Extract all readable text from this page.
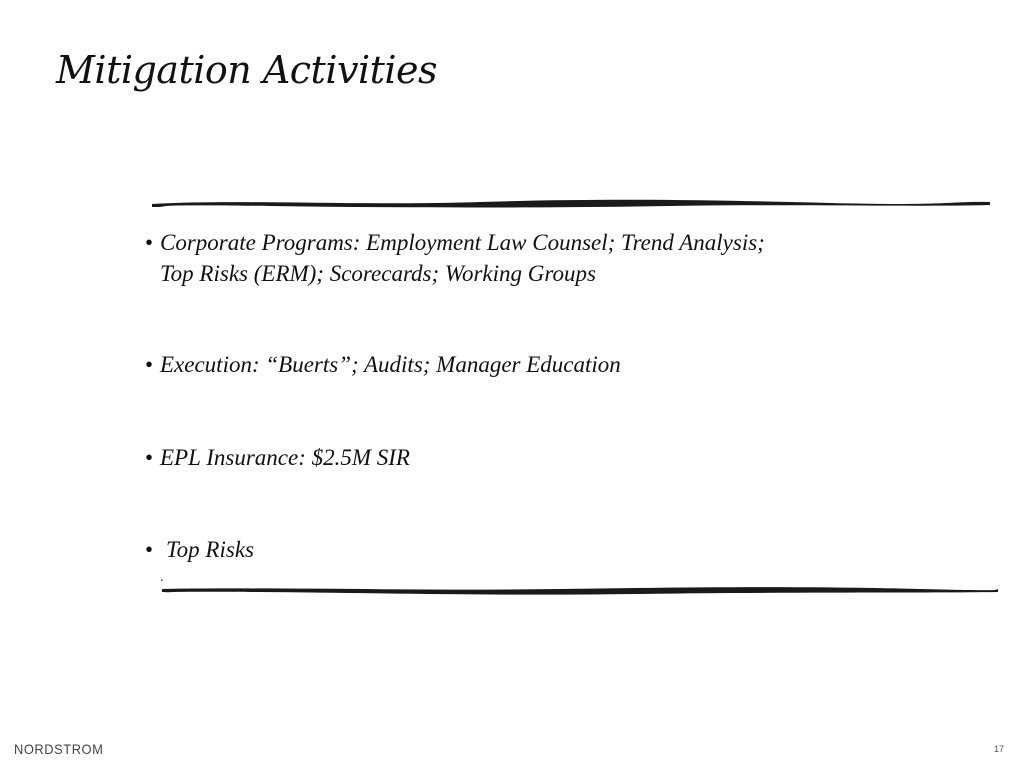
Mitigation Activities
• Corporate Programs: Employment Law Counsel; Trend Analysis;
Top Risks (ERM); Scorecards; Working Groups
• Execution: “Buerts”; Audits; Manager Education
• EPL Insurance: $2.5M SIR
• Top Risks
.
NORDSTROM	17
